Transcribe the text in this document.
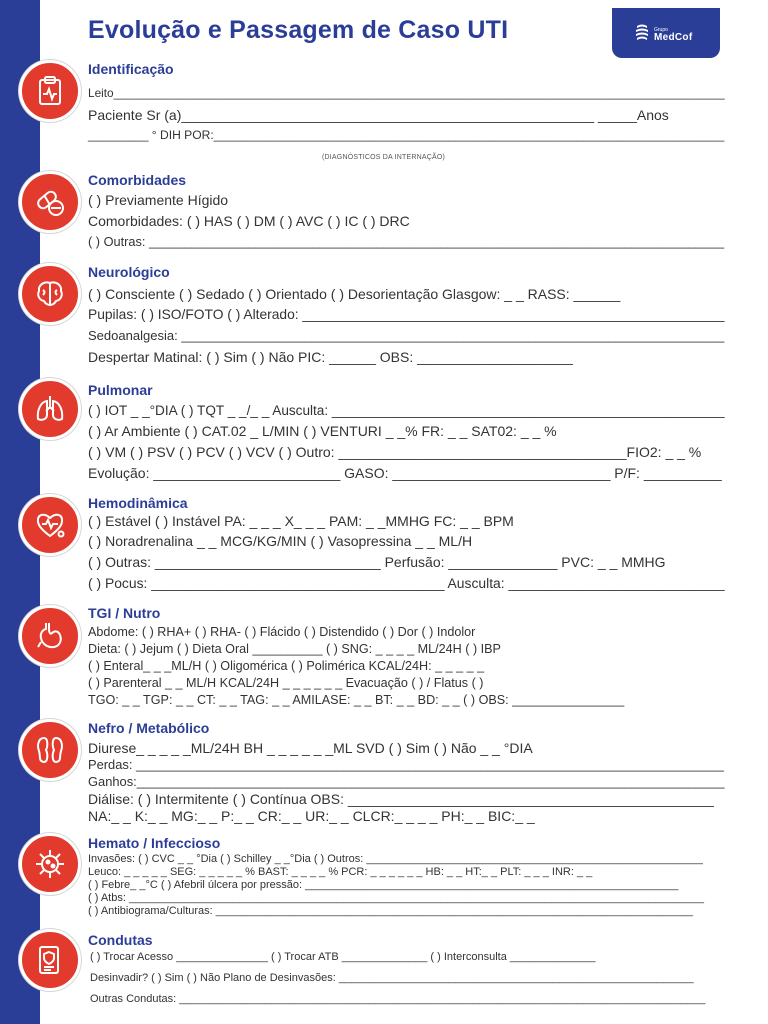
Evolução e Passagem de Caso UTI	Grupo
MedCof
Identificação
Leito_____________________________________________________________________________________________
Paciente Sr (a)_____________________________________________________ _____Anos
_________ ° DIH POR:____________________________________________________________________________
(DIAGNÓSTICOS DA INTERNAÇÃO)
Comorbidades
( ) Previamente Hígido
Comorbidades: ( ) HAS ( ) DM ( ) AVC ( ) IC ( ) DRC
( ) Outras: _________________________________________________________________________________
Neurológico
( ) Consciente ( ) Sedado ( ) Orientado ( ) Desorientação Glasgow: _ _ RASS: ______
Pupilas: ( ) ISO/FOTO ( ) Alterado: _______________________________________________________
Sedoanalgesia: ___________________________________________________________________________
Despertar Matinal: ( ) Sim ( ) Não PIC: ______ OBS: ____________________
Pulmonar
( ) IOT _ _°DIA ( ) TQT _ _/_ _ Ausculta: ____________________________________________________
( ) Ar Ambiente ( ) CAT.02 _ L/MIN ( ) VENTURI _ _% FR: _ _ SAT02: _ _ %
( ) VM ( ) PSV ( ) PCV ( ) VCV ( ) Outro: _____________________________________FIO2: _ _ %
Evolução: ________________________ GASO: ____________________________ P/F: __________
Hemodinâmica
( ) Estável ( ) Instável PA: _ _ _ X_ _ _ PAM: _ _MMHG FC: _ _ BPM
( ) Noradrenalina _ _ MCG/KG/MIN ( ) Vasopressina _ _ ML/H
( ) Outras: _____________________________ Perfusão: ______________ PVC: _ _ MMHG
( ) Pocus: ______________________________________ Ausculta: ____________________________
TGI / Nutro
Abdome: ( ) RHA+ ( ) RHA- ( ) Flácido ( ) Distendido ( ) Dor ( ) Indolor
Dieta: ( ) Jejum ( ) Dieta Oral __________ ( ) SNG: _ _ _ _ ML/24H ( ) IBP
( ) Enteral_ _ _ML/H ( ) Oligomérica ( ) Polimérica KCAL/24H: _ _ _ _ _
( ) Parenteral _ _ ML/H KCAL/24H _ _ _ _ _ _ Evacuação ( ) / Flatus ( )
TGO: _ _ TGP: _ _ CT: _ _ TAG: _ _ AMILASE: _ _ BT: _ _ BD: _ _ ( ) OBS: ________________
Nefro / Metabólico
Diurese_ _ _ _ _ML/24H BH _ _ _ _ _ _ML SVD ( ) Sim ( ) Não _ _ °DIA
Perdas: __________________________________________________________________________________
Ganhos:__________________________________________________________________________________
Diálise: ( ) Intermitente ( ) Contínua OBS: _______________________________________________
NA:_ _ K:_ _ MG:_ _ P:_ _ CR:_ _ UR:_ _ CLCR:_ _ _ _ PH:_ _ BIC:_ _
Hemato / Infeccioso
Invasões: ( ) CVC _ _ °Dia ( ) Schilley _ _°Dia ( ) Outros: _______________________________________________________
Leuco: _ _ _ _ _ SEG: _ _ _ _ _ % BAST: _ _ _ _ % PCR: _ _ _ _ _ _ HB: _ _ HT:_ _ PLT: _ _ _ INR: _ _
( ) Febre_ _°C ( ) Afebril úlcera por pressão: _____________________________________________________________
( ) Atbs: ______________________________________________________________________________________________
( ) Antibiograma/Culturas: ______________________________________________________________________________
Condutas
( ) Trocar Acesso _______________ ( ) Trocar ATB ______________ ( ) Interconsulta ______________
Desinvadir? ( ) Sim ( ) Não Plano de Desinvasões: __________________________________________________________
Outras Condutas: ______________________________________________________________________________________
